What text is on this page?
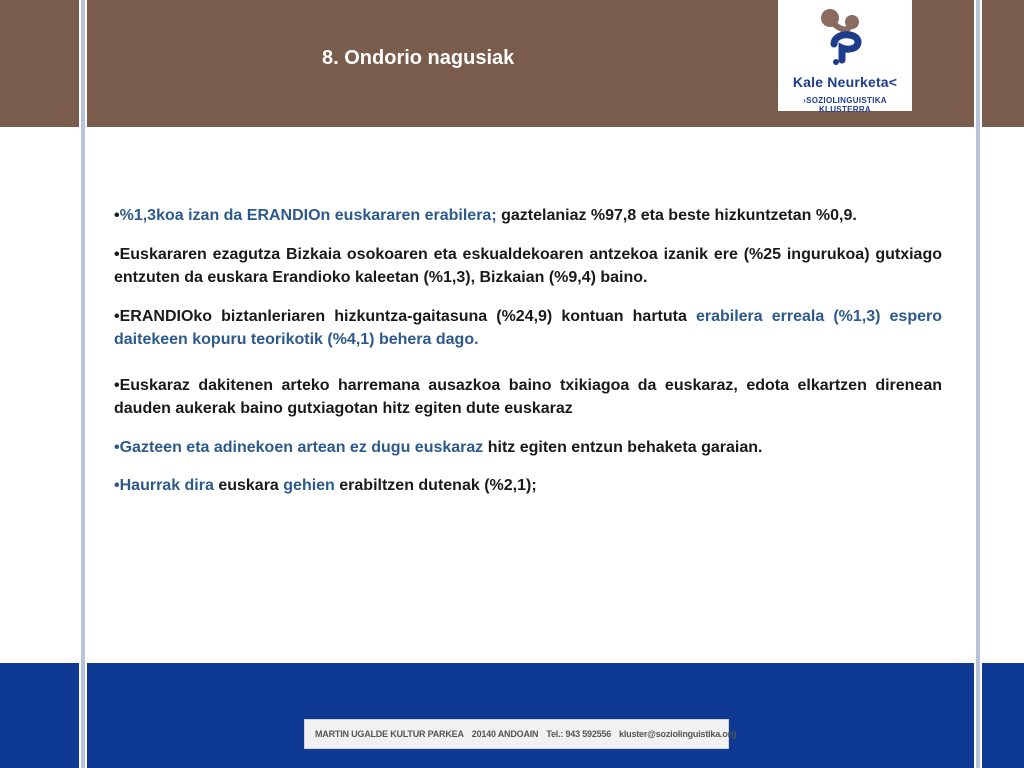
8. Ondorio nagusiak
Kale Neurketa<
›SOZIOLINGUISTIKA KLUSTERRA

•%1,3koa izan da ERANDIOn euskararen erabilera; gaztelaniaz %97,8 eta beste hizkuntzetan %0,9.

•Euskararen ezagutza Bizkaia osokoaren eta eskualdekoaren antzekoa izanik ere (%25 ingurukoa) gutxiago entzuten da euskara Erandioko kaleetan (%1,3), Bizkaian (%9,4) baino.

•ERANDIOko biztanleriaren hizkuntza-gaitasuna (%24,9) kontuan hartuta erabilera erreala (%1,3) espero daitekeen kopuru teorikotik (%4,1) behera dago.

•Euskaraz dakitenen arteko harremana ausazkoa baino txikiagoa da euskaraz, edota elkartzen direnean dauden aukerak baino gutxiagotan hitz egiten dute euskaraz

•Gazteen eta adinekoen artean ez dugu euskaraz hitz egiten entzun behaketa garaian.

•Haurrak dira euskara gehien erabiltzen dutenak (%2,1);

MARTIN UGALDE KULTUR PARKEA 20140 ANDOAIN Tel.: 943 592556 kluster@soziolinguistika.org
